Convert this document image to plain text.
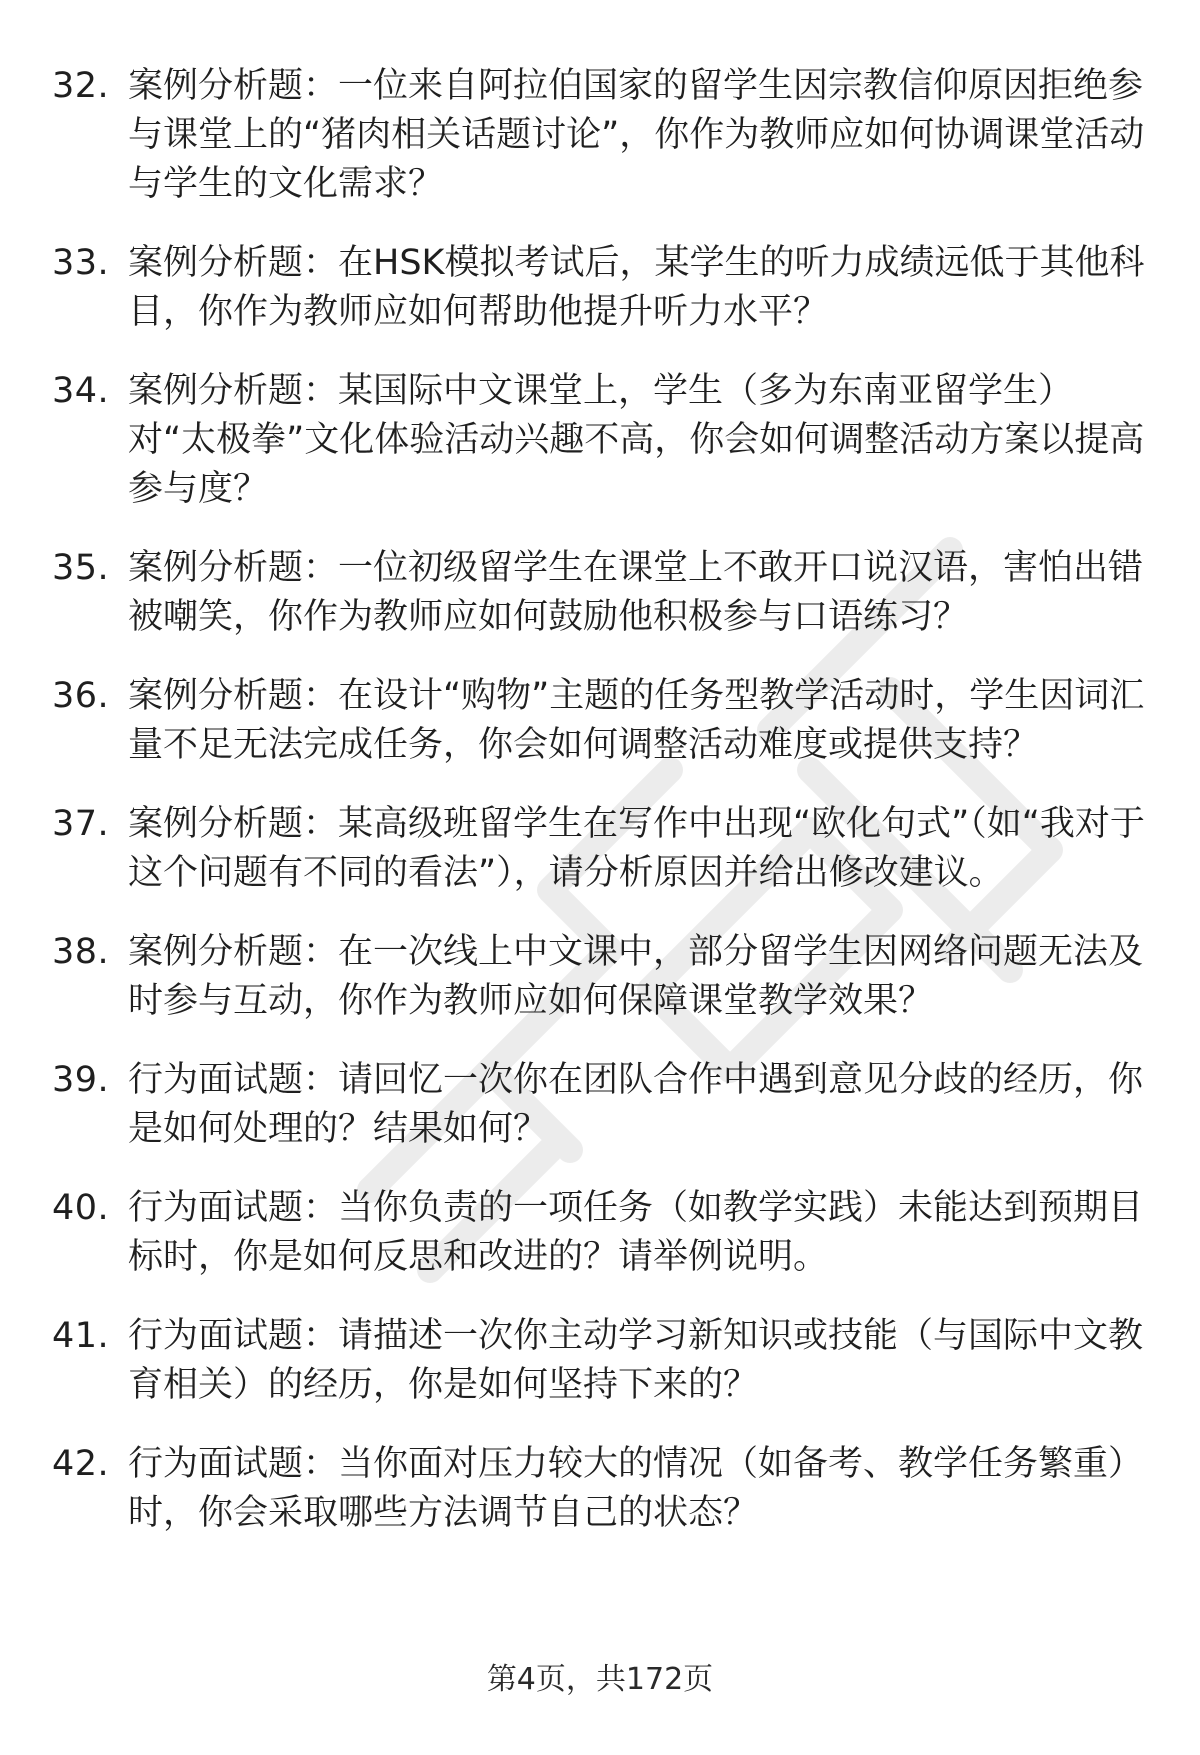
32. 案例分析题：一位来自阿拉伯国家的留学生因宗教信仰原因拒绝参与课堂上的“猪肉相关话题讨论”，你作为教师应如何协调课堂活动与学生的文化需求？
33. 案例分析题：在HSK模拟考试后，某学生的听力成绩远低于其他科目，你作为教师应如何帮助他提升听力水平？
34. 案例分析题：某国际中文课堂上，学生（多为东南亚留学生）对“太极拳”文化体验活动兴趣不高，你会如何调整活动方案以提高参与度？
35. 案例分析题：一位初级留学生在课堂上不敢开口说汉语，害怕出错被嘲笑，你作为教师应如何鼓励他积极参与口语练习？
36. 案例分析题：在设计“购物”主题的任务型教学活动时，学生因词汇量不足无法完成任务，你会如何调整活动难度或提供支持？
37. 案例分析题：某高级班留学生在写作中出现“欧化句式”（如“我对于这个问题有不同的看法”），请分析原因并给出修改建议。
38. 案例分析题：在一次线上中文课中，部分留学生因网络问题无法及时参与互动，你作为教师应如何保障课堂教学效果？
39. 行为面试题：请回忆一次你在团队合作中遇到意见分歧的经历，你是如何处理的？结果如何？
40. 行为面试题：当你负责的一项任务（如教学实践）未能达到预期目标时，你是如何反思和改进的？请举例说明。
41. 行为面试题：请描述一次你主动学习新知识或技能（与国际中文教育相关）的经历，你是如何坚持下来的？
42. 行为面试题：当你面对压力较大的情况（如备考、教学任务繁重）时，你会采取哪些方法调节自己的状态？
第4页，共172页
